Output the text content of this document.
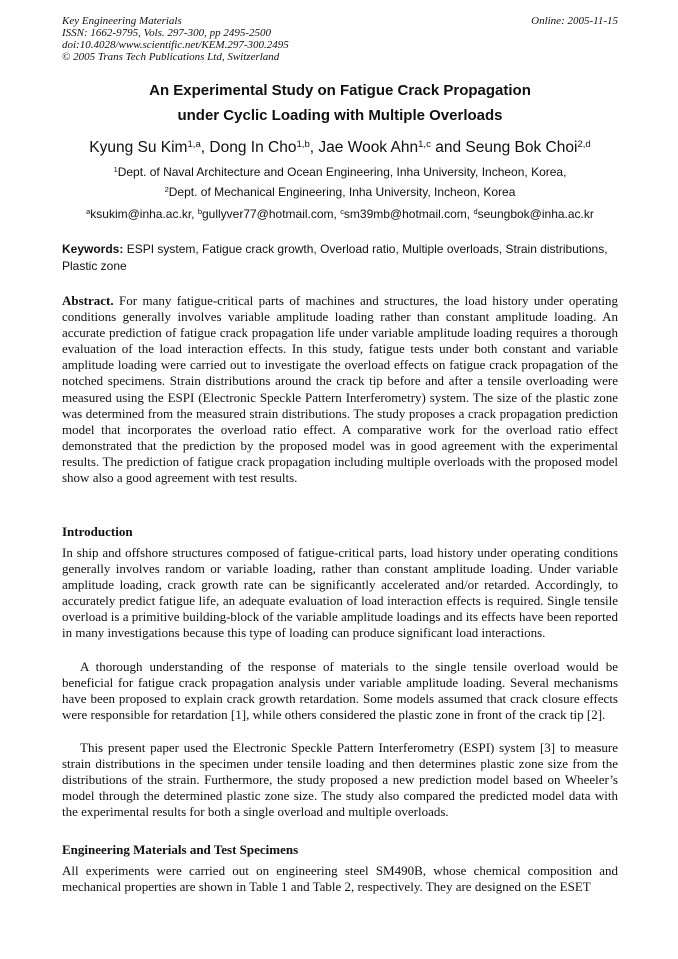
Key Engineering Materials
ISSN: 1662-9795, Vols. 297-300, pp 2495-2500
doi:10.4028/www.scientific.net/KEM.297-300.2495
© 2005 Trans Tech Publications Ltd, Switzerland
Online: 2005-11-15
An Experimental Study on Fatigue Crack Propagation
under Cyclic Loading with Multiple Overloads
Kyung Su Kim$^{1,a}$, Dong In Cho$^{1,b}$, Jae Wook Ahn$^{1,c}$ and Seung Bok Choi$^{2,d}$
$^1$Dept. of Naval Architecture and Ocean Engineering, Inha University, Incheon, Korea,
$^2$Dept. of Mechanical Engineering, Inha University, Incheon, Korea
$^a$ksukim@inha.ac.kr, $^b$gullyver77@hotmail.com, $^c$sm39mb@hotmail.com, $^d$seungbok@inha.ac.kr
Keywords: ESPI system, Fatigue crack growth, Overload ratio, Multiple overloads, Strain distributions, Plastic zone
Abstract. For many fatigue-critical parts of machines and structures, the load history under operating conditions generally involves variable amplitude loading rather than constant amplitude loading. An accurate prediction of fatigue crack propagation life under variable amplitude loading requires a thorough evaluation of the load interaction effects. In this study, fatigue tests under both constant and variable amplitude loading were carried out to investigate the overload effects on fatigue crack propagation of the notched specimens. Strain distributions around the crack tip before and after a tensile overloading were measured using the ESPI (Electronic Speckle Pattern Interferometry) system. The size of the plastic zone was determined from the measured strain distributions. The study proposes a crack propagation prediction model that incorporates the overload ratio effect. A comparative work for the overload ratio effect demonstrated that the prediction by the proposed model was in good agreement with the experimental results. The prediction of fatigue crack propagation including multiple overloads with the proposed model show also a good agreement with test results.
Introduction
In ship and offshore structures composed of fatigue-critical parts, load history under operating conditions generally involves random or variable loading, rather than constant amplitude loading. Under variable amplitude loading, crack growth rate can be significantly accelerated and/or retarded. Accordingly, to accurately predict fatigue life, an adequate evaluation of load interaction effects is required. Single tensile overload is a primitive building-block of the variable amplitude loadings and its effects have been reported in many investigations because this type of loading can produce significant load interactions.
A thorough understanding of the response of materials to the single tensile overload would be beneficial for fatigue crack propagation analysis under variable amplitude loading. Several mechanisms have been proposed to explain crack growth retardation. Some models assumed that crack closure effects were responsible for retardation [1], while others considered the plastic zone in front of the crack tip [2].
This present paper used the Electronic Speckle Pattern Interferometry (ESPI) system [3] to measure strain distributions in the specimen under tensile loading and then determines plastic zone size from the distributions of the strain. Furthermore, the study proposed a new prediction model based on Wheeler’s model through the determined plastic zone size. The study also compared the predicted model data with the experimental results for both a single overload and multiple overloads.
Engineering Materials and Test Specimens
All experiments were carried out on engineering steel SM490B, whose chemical composition and mechanical properties are shown in Table 1 and Table 2, respectively. They are designed on the ESET
